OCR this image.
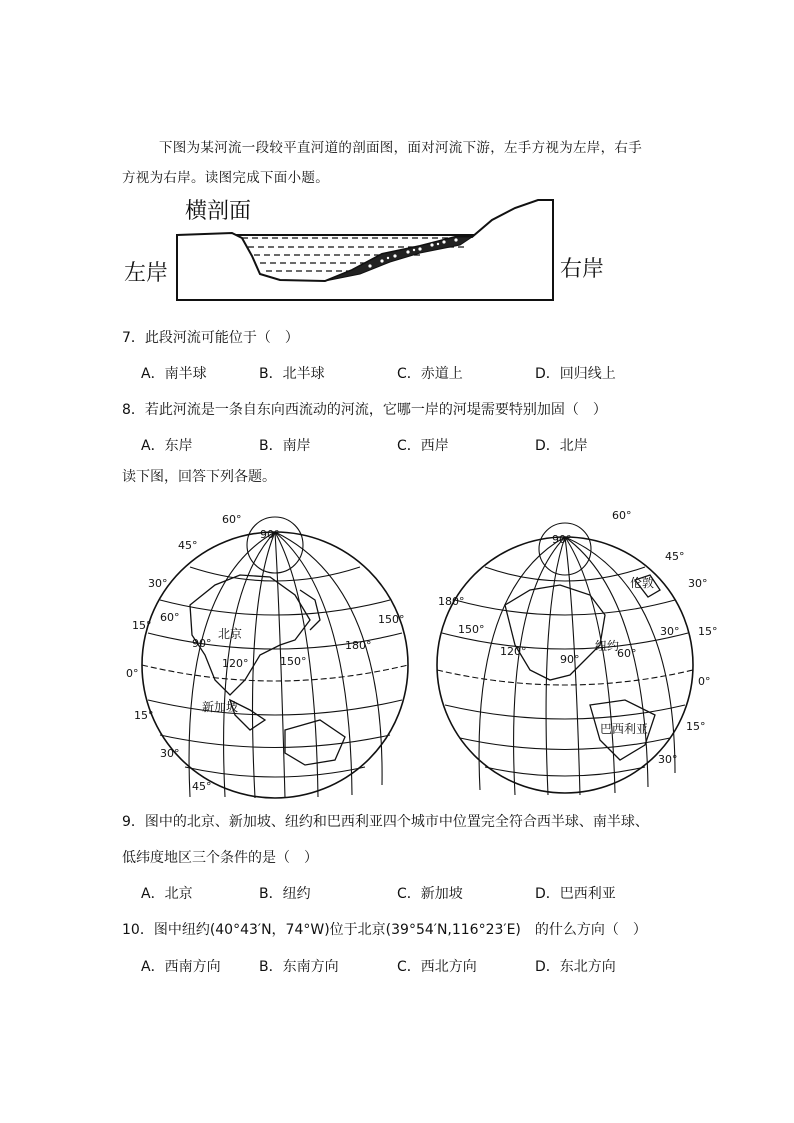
下图为某河流一段较平直河道的剖面图，面对河流下游，左手方视为左岸，右手
方视为右岸。读图完成下面小题。
横剖面
左岸	右岸
7．此段河流可能位于（　）
A．南半球	B．北半球	C．赤道上	D．回归线上
8．若此河流是一条自东向西流动的河流，它哪一岸的河堤需要特别加固（　）
A．东岸	B．南岸	C．西岸	D．北岸
读下图，回答下列各题。
90°
60°
45°
30°
15°
0°
15°
30°
45°
60°
90°
120°	150°
180°
150°
北京
新加坡
90°
60°
45°
30°
15°
0°
15°
30°
180°
150°
120°
90°	60°
30°
伦敦
纽约
巴西利亚
9．图中的北京、新加坡、纽约和巴西利亚四个城市中位置完全符合西半球、南半球、
低纬度地区三个条件的是（　）
A．北京	B．纽约	C．新加坡	D．巴西利亚
10．图中纽约(40°43′N，74°W)位于北京(39°54′N,116°23′E)　的什么方向（　）
A．西南方向	B．东南方向	C．西北方向	D．东北方向
